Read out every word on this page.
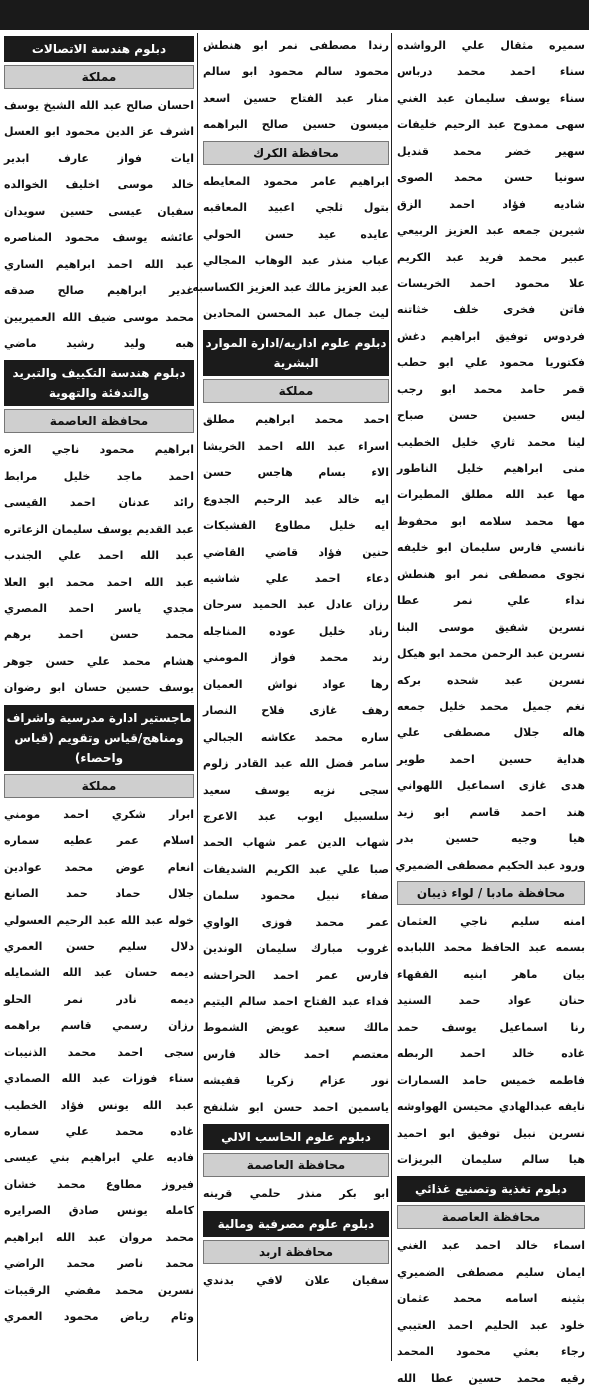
سميره مثقال علي الرواشده
سناء احمد محمد درباس
سناء يوسف سليمان عبد الغني
سهى ممدوح عبد الرحيم خليفات
سهير خضر محمد قنديل
سونيا حسن محمد الصوى
شاديه فؤاد احمد الزق
شيرين جمعه عبد العزيز الربيعي
عبير محمد فريد عبد الكريم
علا محمود احمد الخريسات
فاتن فخرى خلف خثاتنه
فردوس توفيق ابراهيم دغش
فكتوريا محمود علي ابو حطب
قمر حامد محمد ابو رجب
ليس حسين حسن صباح
لينا محمد ثاري خليل الخطيب
منى ابراهيم خليل الناطور
مها عبد الله مطلق المطيرات
مها محمد سلامه ابو محفوظ
نانسي فارس سليمان ابو خليفه
نجوى مصطفى نمر ابو هنطش
نداء علي نمر عطا
نسرين شفيق موسى البنا
نسرين عبد الرحمن محمد ابو هيكل
نسرين عبد شحده بركه
نغم جميل محمد خليل جمعه
هاله جلال مصطفى علي
هداية حسين احمد طوير
هدى غازى اسماعيل اللهواني
هند احمد قاسم ابو زيد
هيا وجيه حسين بدر
ورود عبد الحكيم مصطفى الضميري
محافظة مادبا / لواء ذيبان
امنه سليم ناجي العثمان
بسمه عبد الحافظ محمد اللبابده
بيان ماهر ابنيه الفقهاء
حنان عواد حمد السنيد
رنا اسماعيل يوسف حمد
غاده خالد احمد الربطه
فاطمه خميس حامد السمارات
نايفه عبدالهادي محيسن الهواوشه
نسرين نبيل توفيق ابو احميد
هيا سالم سليمان البريزات
دبلوم تغذية وتصنيع غذائي
محافظة العاصمة
اسماء خالد احمد عبد الغني
ايمان سليم مصطفى الضميري
بثينه اسامه محمد عثمان
خلود عبد الحليم احمد العتيبي
رجاء بعثي محمود المحمد
رقيه محمد حسين عطا الله
رندا مصطفى نمر ابو هنطش
محمود سالم محمود ابو سالم
منار عبد الفتاح حسين اسعد
ميسون حسين صالح البراهمه
محافظة الكرك
ابراهيم عامر محمود المعايطه
بتول ثلجي اعبيد المعاقبه
عايده عيد حسن الحولي
عباب منذر عبد الوهاب المجالي
عبد العزيز مالك عبد العزيز الكساسبه
ليث جمال عبد المحسن المحادين
دبلوم علوم اداريه/ادارة الموارد البشرية
مملكة
احمد محمد ابراهيم مطلق
اسراء عبد الله احمد الخريشا
الاء بسام هاجس حسن
ايه خالد عبد الرحيم الجدوع
ايه خليل مطاوع الفشيكات
حنين فؤاد قاضي القاضي
دعاء احمد علي شاشيه
رزان عادل عبد الحميد سرحان
رناد خليل عوده المناجله
رند محمد فواز المومني
رها عواد نواش العميان
رهف غازى فلاح النصار
ساره محمد عكاشه الجبالي
سامر فضل الله عبد القادر زلوم
سجى نزيه يوسف سعيد
سلسبيل ايوب عبد الاعرج
شهاب الدين عمر شهاب الحمد
صبا علي عبد الكريم الشديفات
صفاء نبيل محمود سلمان
عمر محمد فوزى الواوي
غروب مبارك سليمان الوندين
فارس عمر احمد الحراحشه
فداء عبد الفتاح احمد سالم اليتيم
مالك سعيد عويض الشموط
معتصم احمد خالد فارس
نور عزام زكريا قفيشه
ياسمين احمد حسن ابو شلنفح
دبلوم علوم الحاسب الالي
محافظة العاصمة
ابو بكر منذر حلمي قرينه
دبلوم علوم مصرفية ومالية
محافظة اربد
سفيان علان لافي بدندي
دبلوم هندسة الاتصالات
مملكة
احسان صالح عبد الله الشيخ يوسف
اشرف عز الدين محمود ابو العسل
ايات فواز عارف ابدير
خالد موسى اخليف الخوالده
سفيان عيسى حسين سويدان
عائشه يوسف محمود المناصره
عبد الله احمد ابراهيم الساري
غدير ابراهيم صالح صدقه
محمد موسى ضيف الله العميريين
هبه وليد رشيد ماضي
دبلوم هندسة التكييف والتبريد والتدفئة والتهوية
محافظة العاصمة
ابراهيم محمود ناجي العزه
احمد ماجد خليل مرابط
رائد عدنان احمد القيسى
عبد القديم يوسف سليمان الزعاتره
عبد الله احمد علي الجندب
عبد الله احمد محمد ابو العلا
مجدي ياسر احمد المصري
محمد حسن احمد برهم
هشام محمد علي حسن جوهر
يوسف حسين حسان ابو رضوان
ماجستير ادارة مدرسية واشراف ومناهج/قياس وتقويم (قياس واحصاء)
مملكة
ابرار شكري احمد مومني
اسلام عمر عطيه سماره
انعام عوض محمد عوادين
جلال حماد حمد الصانع
خوله عبد الله عبد الرحيم العسولي
دلال سليم حسن العمري
ديمه حسان عبد الله الشمايله
ديمه نادر نمر الحلو
رزان رسمي قاسم براهمه
سجى احمد محمد الذنيبات
سناء فوزات عبد الله الصمادي
عبد الله يونس فؤاد الخطيب
غاده محمد علي سماره
فاديه علي ابراهيم بني عيسى
فيروز مطاوع محمد خشان
كامله يونس صادق الصرايره
محمد مروان عبد الله ابراهيم
محمد ناصر محمد الراضي
نسرين محمد مفضي الرقيبات
وئام رياض محمود العمري
